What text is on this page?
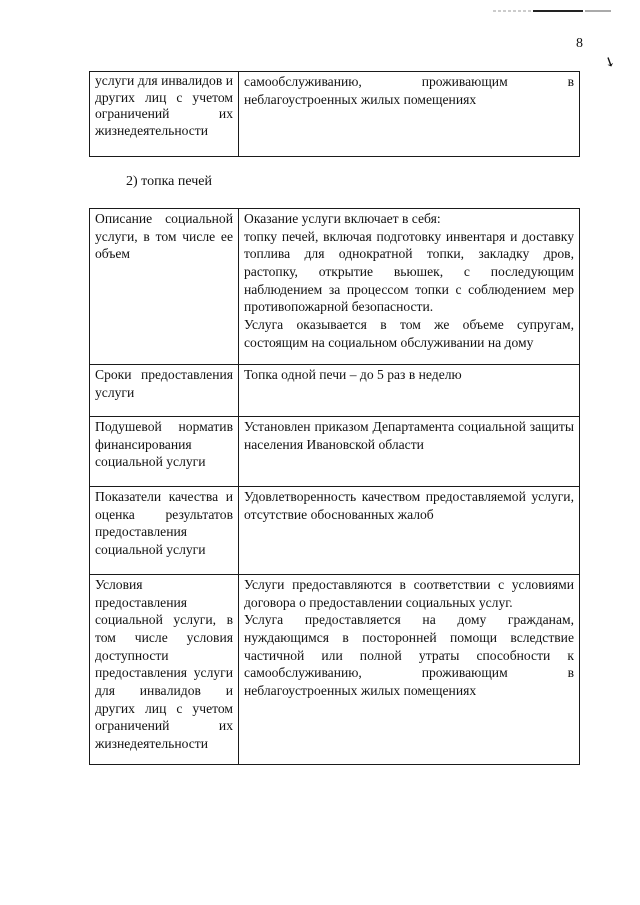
8
↘
услуги для инвалидов и других лиц с учетом ограничений их жизнедеятельности	самообслуживанию, проживающим в неблагоустроенных жилых помещениях
2) топка печей
Описание социальной услуги, в том числе ее объем	Оказание услуги включает в себя:
топку печей, включая подготовку инвентаря и доставку топлива для однократной топки, закладку дров, растопку, открытие вьюшек, с последующим наблюдением за процессом топки с соблюдением мер противопожарной безопасности.
Услуга оказывается в том же объеме супругам, состоящим на социальном обслуживании на дому

Сроки предоставления услуги	Топка одной печи – до 5 раз в неделю

Подушевой норматив финансирования социальной услуги	Установлен приказом Департамента социальной защиты населения Ивановской области

Показатели качества и оценка результатов предоставления социальной услуги	Удовлетворенность качеством предоставляемой услуги, отсутствие обоснованных жалоб

Условия предоставления социальной услуги, в том числе условия доступности предоставления услуги для инвалидов и других лиц с учетом ограничений их жизнедеятельности	Услуги предоставляются в соответствии с условиями договора о предоставлении социальных услуг.
Услуга предоставляется на дому гражданам, нуждающимся в посторонней помощи вследствие частичной или полной утраты способности к самообслуживанию, проживающим в неблагоустроенных жилых помещениях
